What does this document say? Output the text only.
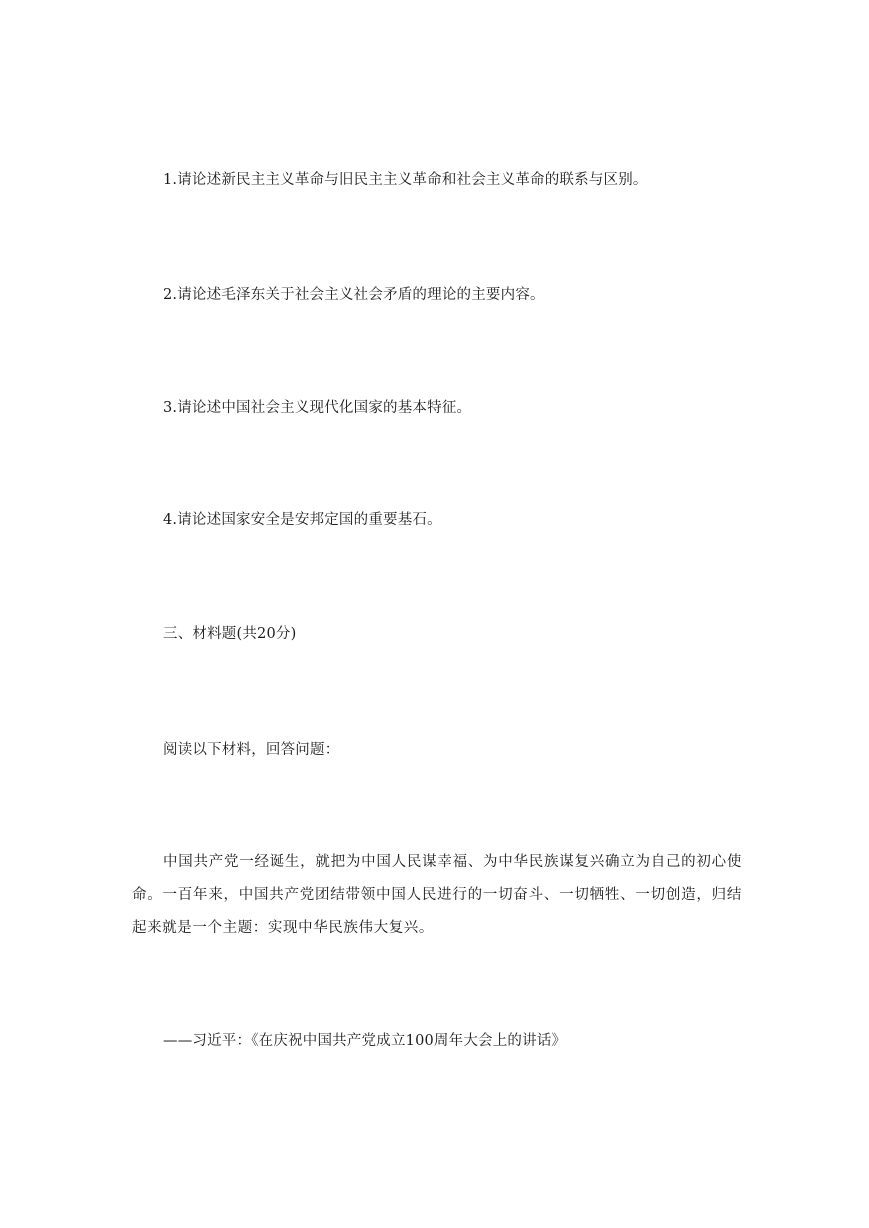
1.请论述新民主主义革命与旧民主主义革命和社会主义革命的联系与区别。
2.请论述毛泽东关于社会主义社会矛盾的理论的主要内容。
3.请论述中国社会主义现代化国家的基本特征。
4.请论述国家安全是安邦定国的重要基石。
三、材料题(共20分)
阅读以下材料，回答问题：

中国共产党一经诞生，就把为中国人民谋幸福、为中华民族谋复兴确立为自己的初心使命。一百年来，中国共产党团结带领中国人民进行的一切奋斗、一切牺牲、一切创造，归结起来就是一个主题：实现中华民族伟大复兴。

——习近平：《在庆祝中国共产党成立100周年大会上的讲话》
